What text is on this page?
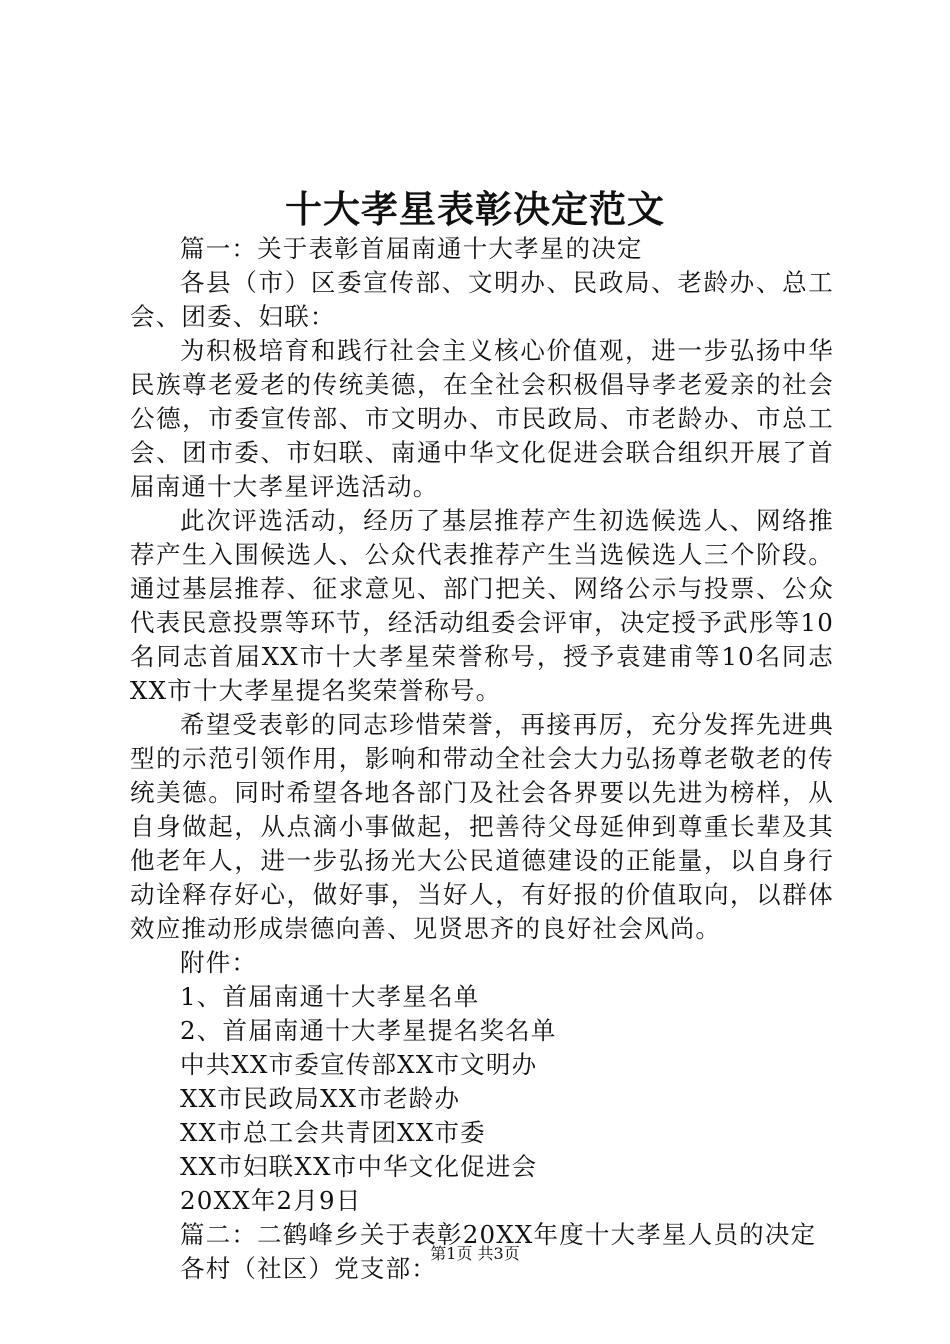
十大孝星表彰决定范文

篇一：关于表彰首届南通十大孝星的决定

各县（市）区委宣传部、文明办、民政局、老龄办、总工会、团委、妇联：

为积极培育和践行社会主义核心价值观，进一步弘扬中华民族尊老爱老的传统美德，在全社会积极倡导孝老爱亲的社会公德，市委宣传部、市文明办、市民政局、市老龄办、市总工会、团市委、市妇联、南通中华文化促进会联合组织开展了首届南通十大孝星评选活动。

此次评选活动，经历了基层推荐产生初选候选人、网络推荐产生入围候选人、公众代表推荐产生当选候选人三个阶段。通过基层推荐、征求意见、部门把关、网络公示与投票、公众代表民意投票等环节，经活动组委会评审，决定授予武彤等10名同志首届XX市十大孝星荣誉称号，授予袁建甫等10名同志XX市十大孝星提名奖荣誉称号。

希望受表彰的同志珍惜荣誉，再接再厉，充分发挥先进典型的示范引领作用，影响和带动全社会大力弘扬尊老敬老的传统美德。同时希望各地各部门及社会各界要以先进为榜样，从自身做起，从点滴小事做起，把善待父母延伸到尊重长辈及其他老年人，进一步弘扬光大公民道德建设的正能量，以自身行动诠释存好心，做好事，当好人，有好报的价值取向，以群体效应推动形成崇德向善、见贤思齐的良好社会风尚。

附件：

1、首届南通十大孝星名单

2、首届南通十大孝星提名奖名单

中共XX市委宣传部XX市文明办

XX市民政局XX市老龄办

XX市总工会共青团XX市委

XX市妇联XX市中华文化促进会

20XX年2月9日

篇二：二鹤峰乡关于表彰20XX年度十大孝星人员的决定

各村（社区）党支部：

第1页 共3页
